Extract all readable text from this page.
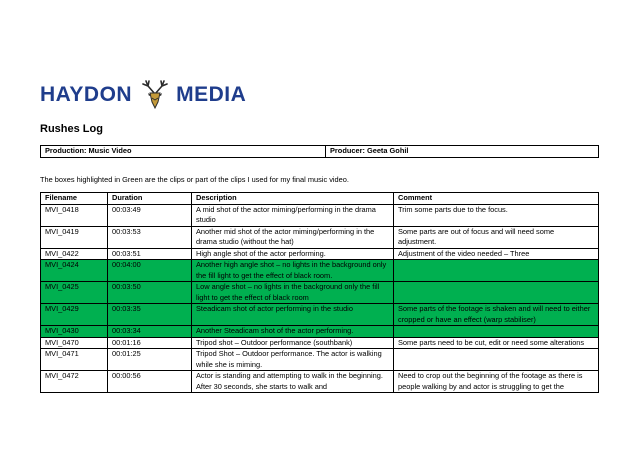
HAYDON MEDIA
Rushes Log
Production: Music Video	Producer: Geeta Gohil
The boxes highlighted in Green are the clips or part of the clips I used for my final music video.
Filename	Duration	Description	Comment
MVI_0418	00:03:49	A mid shot of the actor miming/performing in the drama studio	Trim some parts due to the focus.
MVI_0419	00:03:53	Another mid shot of the actor miming/performing in the drama studio (without the hat)	Some parts are out of focus and will need some adjustment.
MVI_0422	00:03:51	High angle shot of the actor performing.	Adjustment of the video needed – Three
MVI_0424	00:04:00	Another high angle shot – no lights in the background only the fill light to get the effect of black room.	
MVI_0425	00:03:50	Low angle shot – no lights in the background only the fill light to get the effect of black room	
MVI_0429	00:03:35	Steadicam shot of actor performing in the studio	Some parts of the footage is shaken and will need to either cropped or have an effect (warp stabiliser)
MVI_0430	00:03:34	Another Steadicam shot of the actor performing.	
MVI_0470	00:01:16	Tripod shot – Outdoor performance (southbank)	Some parts need to be cut, edit or need some alterations
MVI_0471	00:01:25	Tripod Shot – Outdoor performance. The actor is walking while she is miming.	
MVI_0472	00:00:56	Actor is standing and attempting to walk in the beginning. After 30 seconds, she starts to walk and	Need to crop out the beginning of the footage as there is people walking by and actor is struggling to get the
